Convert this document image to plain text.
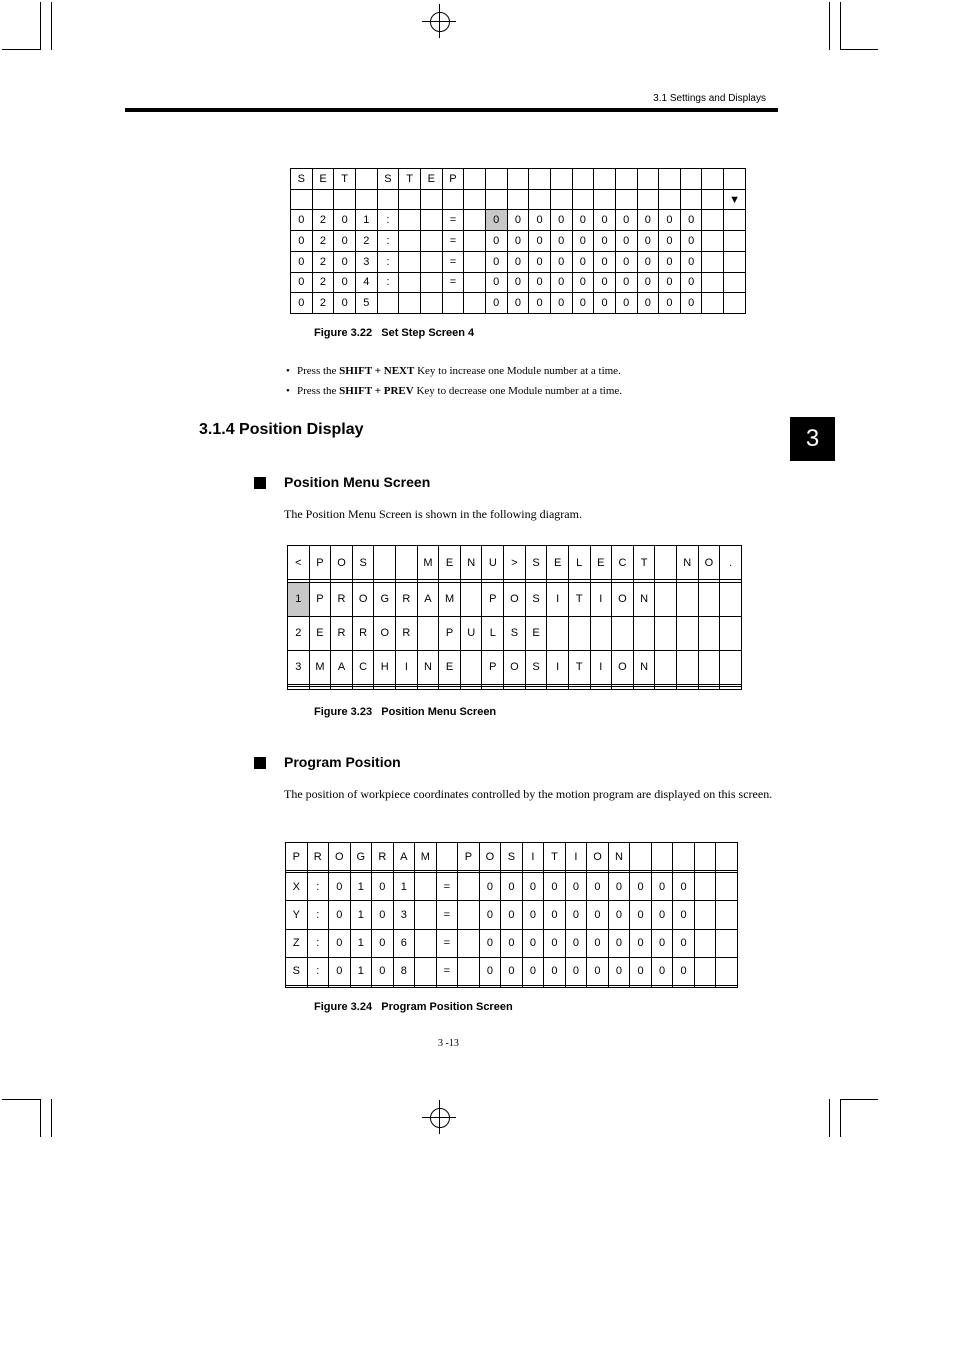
3.1 Settings and Displays
3
S	E	T		S	T	E	P													
																				▼
0	2	0	1	:			=		0	0	0	0	0	0	0	0	0	0		
0	2	0	2	:			=		0	0	0	0	0	0	0	0	0	0		
0	2	0	3	:			=		0	0	0	0	0	0	0	0	0	0		
0	2	0	4	:			=		0	0	0	0	0	0	0	0	0	0		
0	2	0	5						0	0	0	0	0	0	0	0	0	0		
Figure 3.22   Set Step Screen 4
• Press the SHIFT + NEXT Key to increase one Module number at a time.
• Press the SHIFT + PREV Key to decrease one Module number at a time.
3.1.4 Position Display
Position Menu Screen
The Position Menu Screen is shown in the following diagram.
<	P	O	S			M	E	N	U	>	S	E	L	E	C	T		N	O	.

1	P	R	O	G	R	A	M		P	O	S	I	T	I	O	N				
2	E	R	R	O	R		P	U	L	S	E									
3	M	A	C	H	I	N	E		P	O	S	I	T	I	O	N				

Figure 3.23   Position Menu Screen
Program Position
The position of workpiece coordinates controlled by the motion program are displayed on this screen.
P	R	O	G	R	A	M		P	O	S	I	T	I	O	N					

X	:	0	1	0	1		=		0	0	0	0	0	0	0	0	0	0		
Y	:	0	1	0	3		=		0	0	0	0	0	0	0	0	0	0		
Z	:	0	1	0	6		=		0	0	0	0	0	0	0	0	0	0		
S	:	0	1	0	8		=		0	0	0	0	0	0	0	0	0	0		

Figure 3.24   Program Position Screen
3 -13
